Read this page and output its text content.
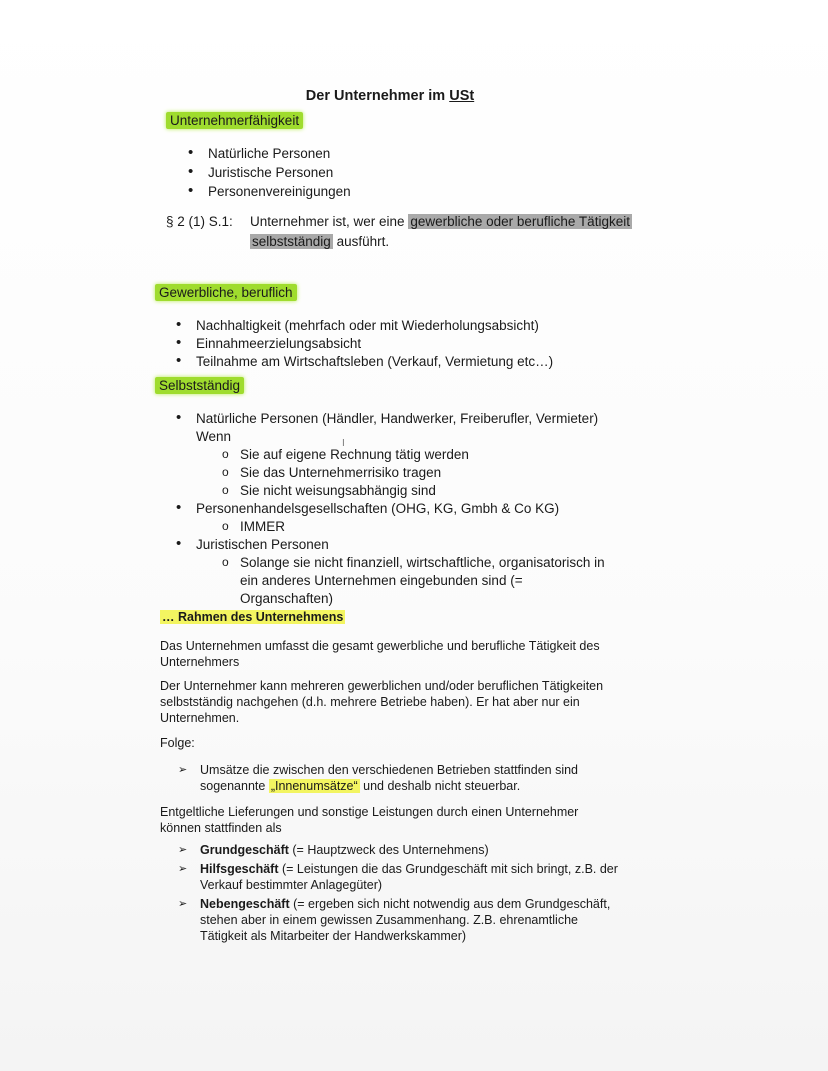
Der Unternehmer im USt
Unternehmerfähigkeit
• Natürliche Personen
• Juristische Personen
• Personenvereinigungen
§ 2 (1) S.1: Unternehmer ist, wer eine gewerbliche oder berufliche Tätigkeit
selbstständig ausführt.
Gewerbliche, beruflich
• Nachhaltigkeit (mehrfach oder mit Wiederholungsabsicht)
• Einnahmeerzielungsabsicht
• Teilnahme am Wirtschaftsleben (Verkauf, Vermietung etc…)
Selbstständig
• Natürliche Personen (Händler, Handwerker, Freiberufler, Vermieter)
Wenn
o Sie auf eigene Rechnung tätig werden
o Sie das Unternehmerrisiko tragen
o Sie nicht weisungsabhängig sind
• Personenhandelsgesellschaften (OHG, KG, Gmbh & Co KG)
o IMMER
• Juristischen Personen
o Solange sie nicht finanziell, wirtschaftliche, organisatorisch in ein anderes Unternehmen eingebunden sind (= Organschaften)
I
… Rahmen des Unternehmens
Das Unternehmen umfasst die gesamt gewerbliche und berufliche Tätigkeit des Unternehmers
Der Unternehmer kann mehreren gewerblichen und/oder beruflichen Tätigkeiten selbstständig nachgehen (d.h. mehrere Betriebe haben). Er hat aber nur ein Unternehmen.
Folge:
➢ Umsätze die zwischen den verschiedenen Betrieben stattfinden sind sogenannte „Innenumsätze“ und deshalb nicht steuerbar.
Entgeltliche Lieferungen und sonstige Leistungen durch einen Unternehmer können stattfinden als
➢ Grundgeschäft (= Hauptzweck des Unternehmens)
➢ Hilfsgeschäft (= Leistungen die das Grundgeschäft mit sich bringt, z.B. der Verkauf bestimmter Anlagegüter)
➢ Nebengeschäft (= ergeben sich nicht notwendig aus dem Grundgeschäft, stehen aber in einem gewissen Zusammenhang. Z.B. ehrenamtliche Tätigkeit als Mitarbeiter der Handwerkskammer)
